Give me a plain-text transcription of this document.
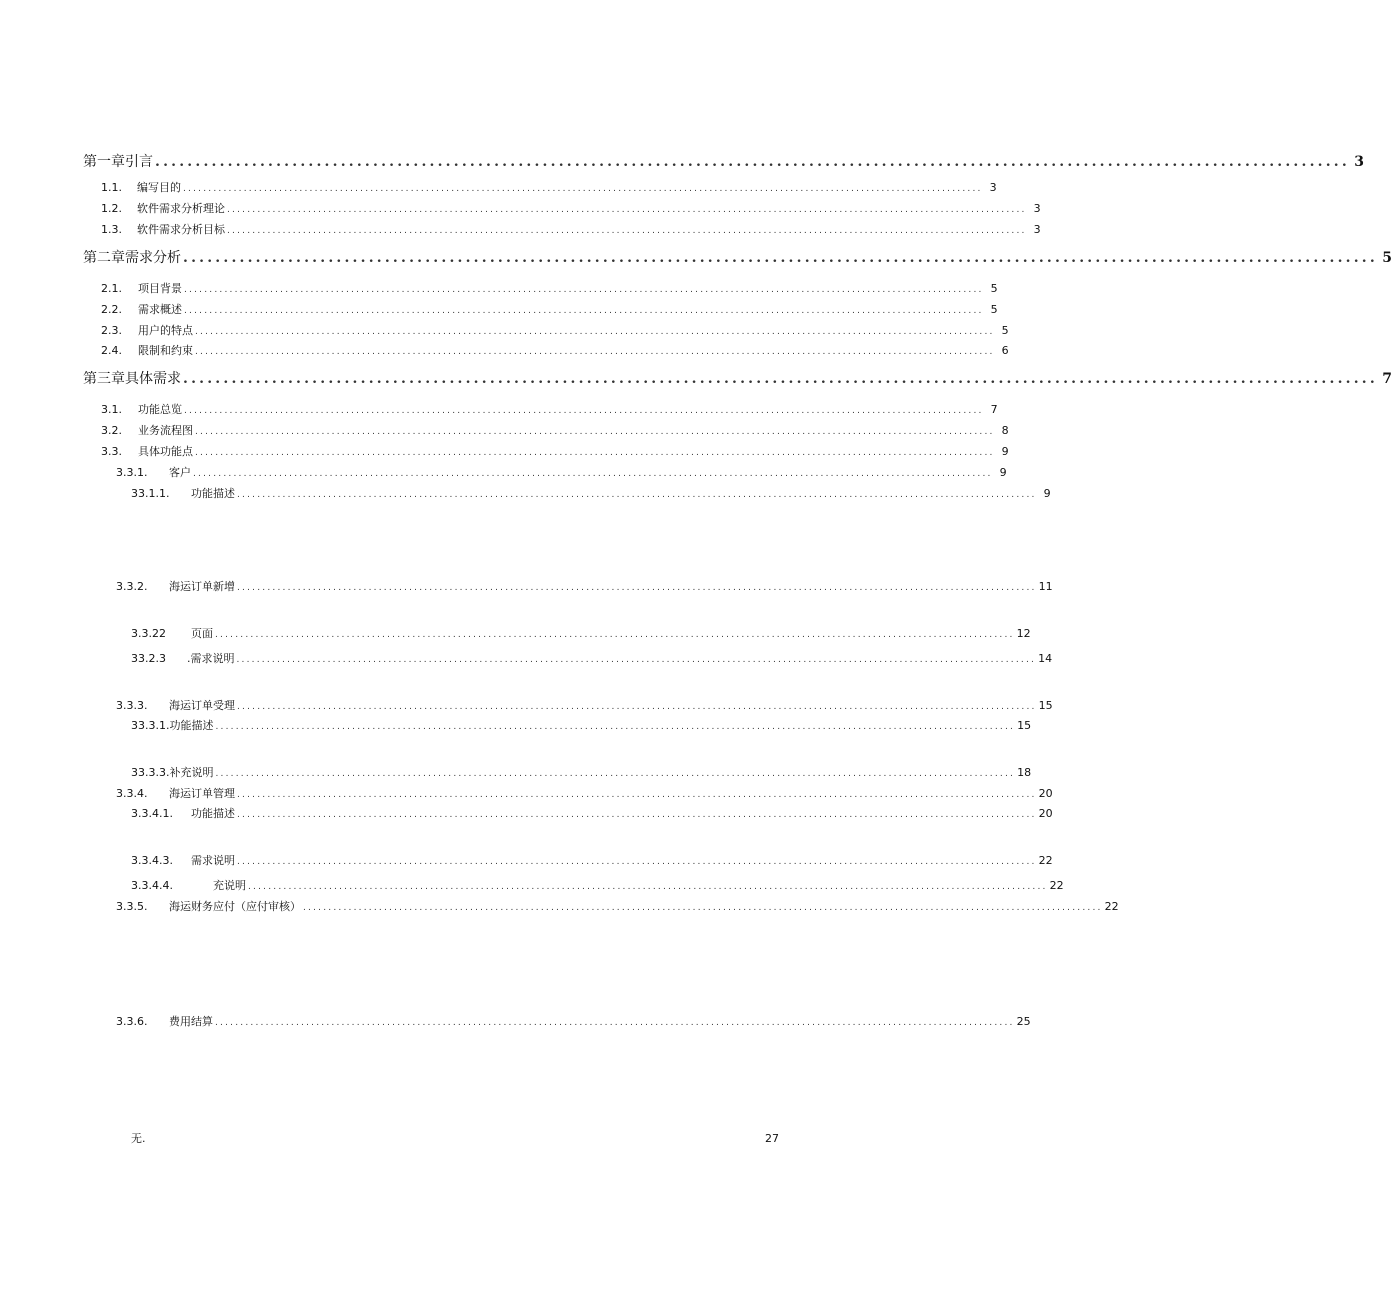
第一章引言 .................................................................................................................................................... 3
1.1.	编写目的 .............................................................................................................................................................. 3
1.2.	软件需求分析理论 .............................................................................................................................................................. 3
1.3.	软件需求分析目标 .............................................................................................................................................................. 3
第二章需求分析 .................................................................................................................................................... 5
2.1.	项目背景 .............................................................................................................................................................. 5
2.2.	需求概述 .............................................................................................................................................................. 5
2.3.	用户的特点 .............................................................................................................................................................. 5
2.4.	限制和约束 .............................................................................................................................................................. 6
第三章具体需求 .................................................................................................................................................... 7
3.1.	功能总览 .............................................................................................................................................................. 7
3.2.	业务流程图 .............................................................................................................................................................. 8
3.3.	具体功能点 .............................................................................................................................................................. 9
3.3.1.	客户 .............................................................................................................................................................. 9
33.1.1.	功能描述 .............................................................................................................................................................. 9
3.3.2.	海运订单新增 .............................................................................................................................................................. 11
3.3.22	页面 .............................................................................................................................................................. 12
33.2.3	.需求说明 .............................................................................................................................................................. 14
3.3.3.	海运订单受理 .............................................................................................................................................................. 15
33.3.1.功能描述 .............................................................................................................................................................. 15
33.3.3.补充说明 .............................................................................................................................................................. 18
3.3.4.	海运订单管理 .............................................................................................................................................................. 20
3.3.4.1.	功能描述 .............................................................................................................................................................. 20
3.3.4.3.	需求说明 .............................................................................................................................................................. 22
3.3.4.4.	充说明 .............................................................................................................................................................. 22
3.3.5.	海运财务应付（应付审核） .............................................................................................................................................................. 22
3.3.6.	费用结算 .............................................................................................................................................................. 25
无.	27
